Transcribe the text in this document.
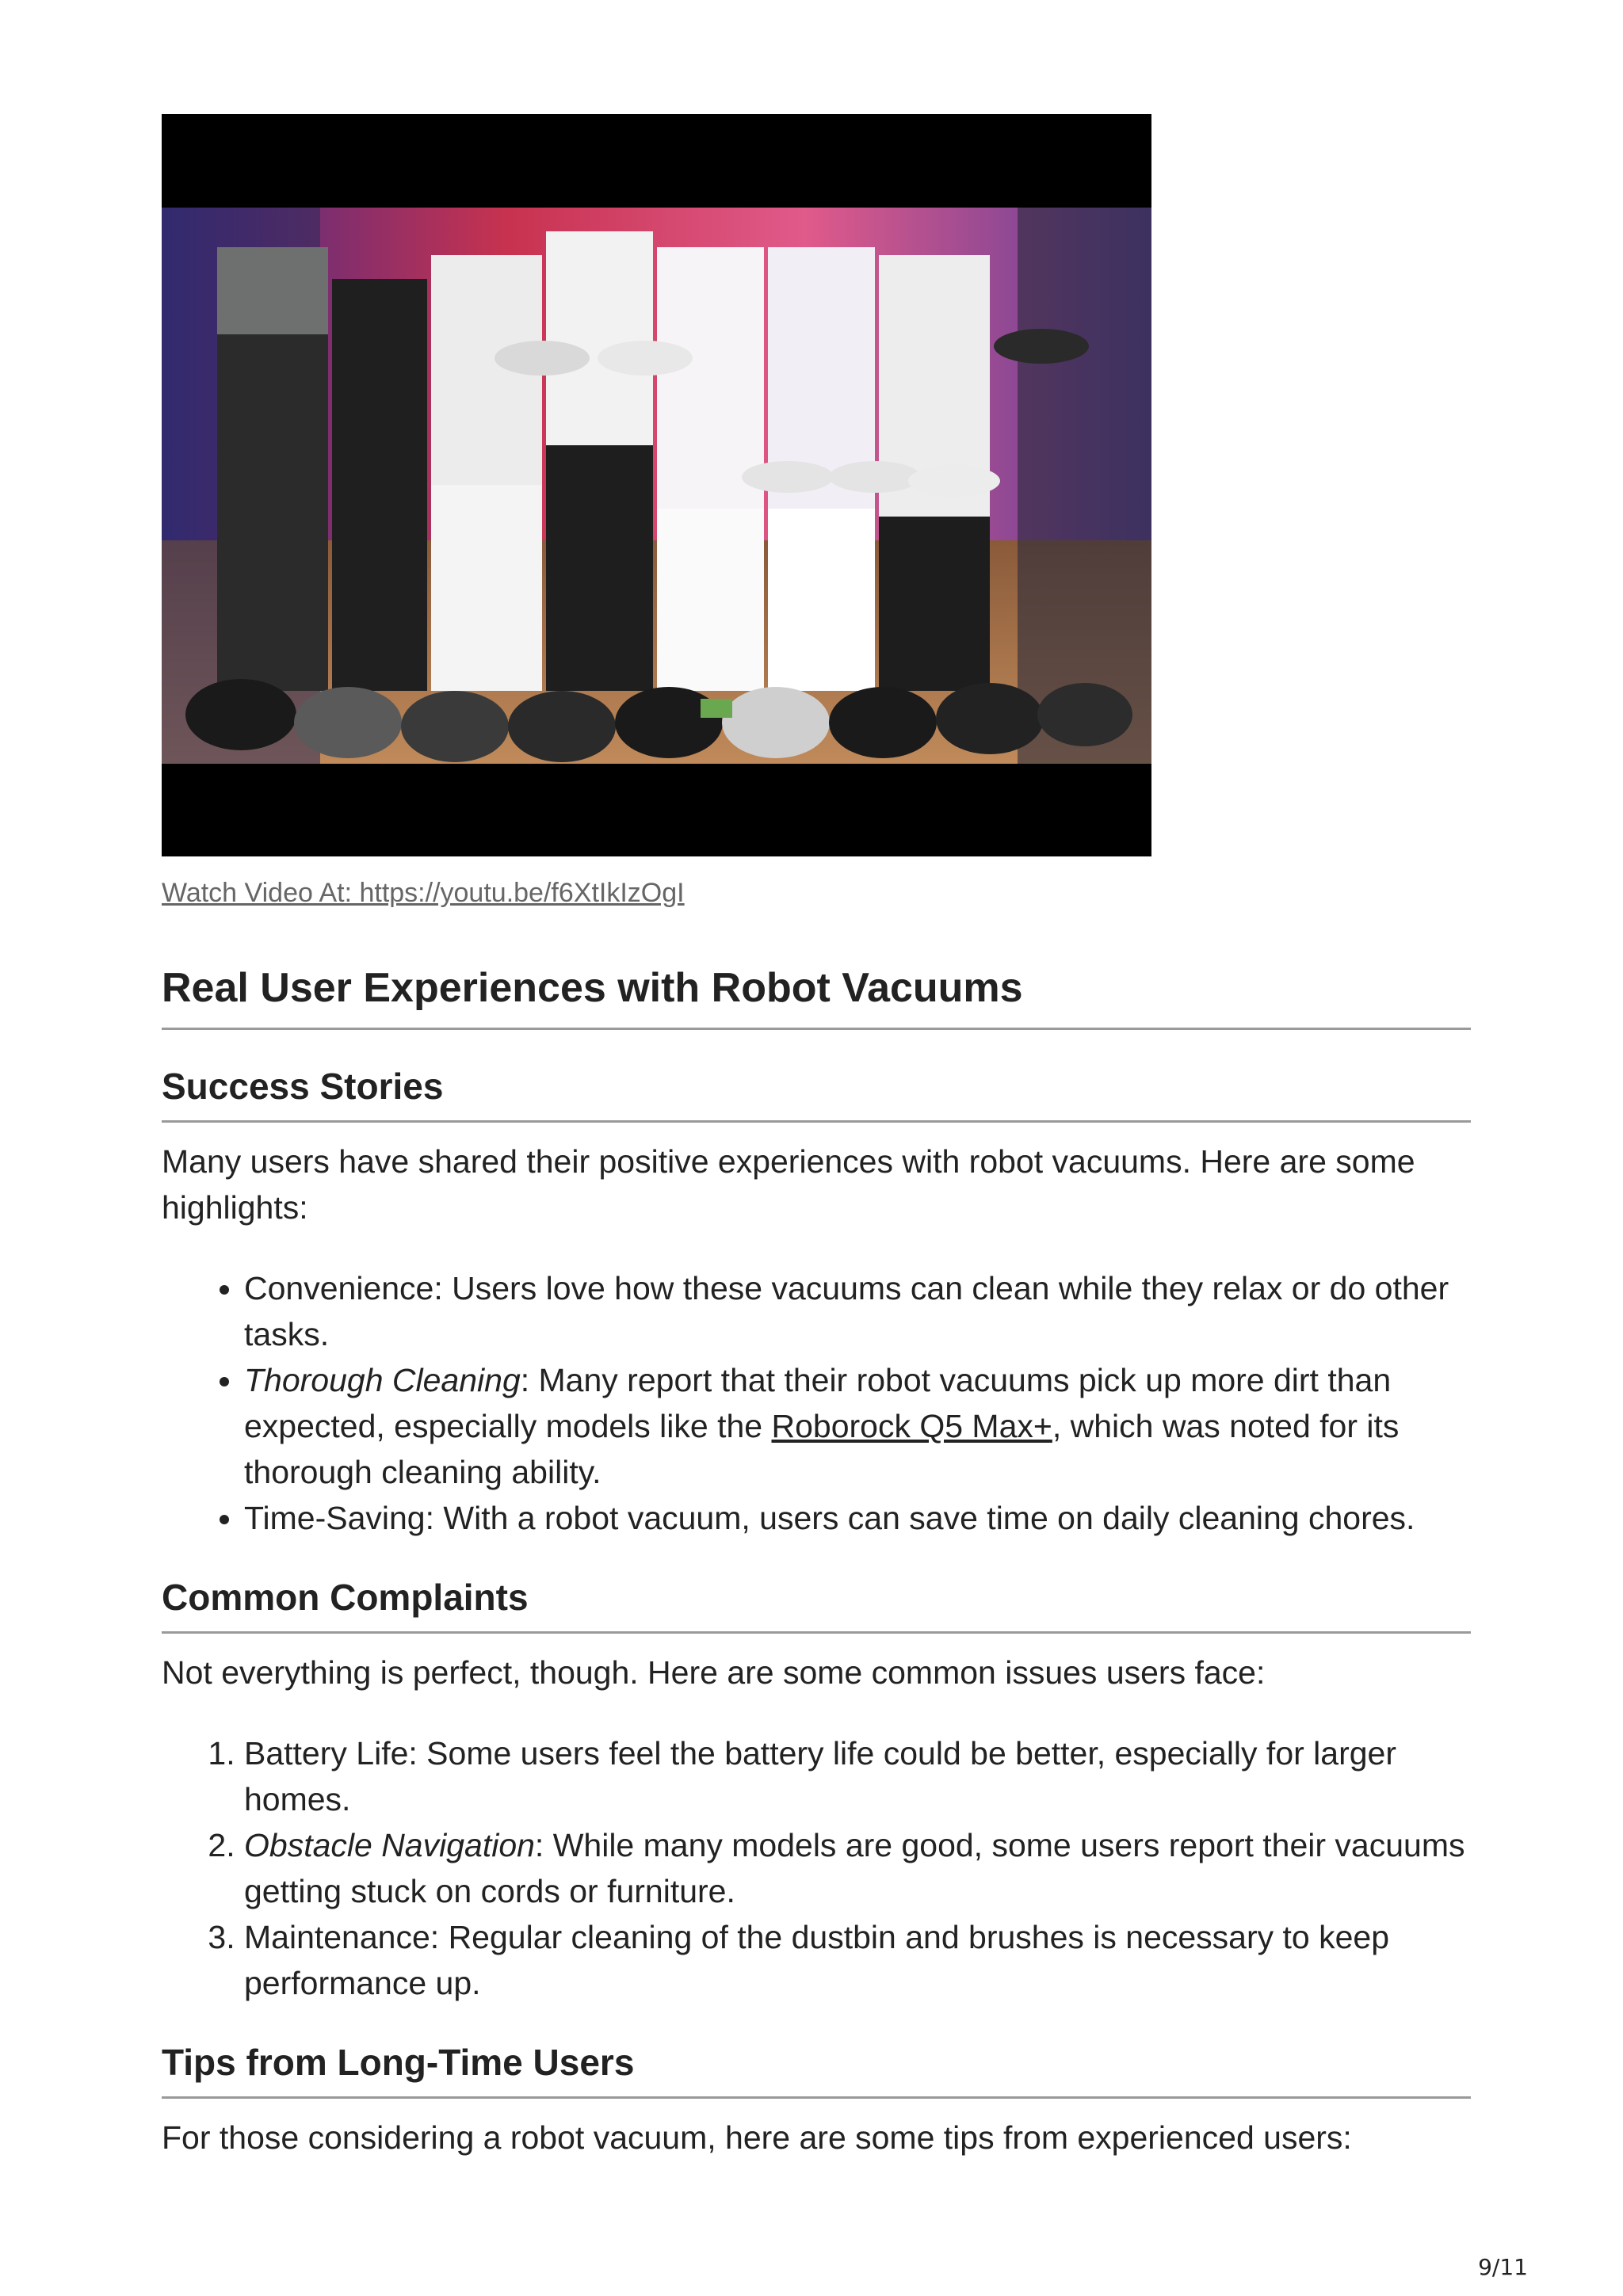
Watch Video At: https://youtu.be/f6XtIkIzOgI
Real User Experiences with Robot Vacuums
Success Stories

Many users have shared their positive experiences with robot vacuums. Here are some highlights:

• Convenience: Users love how these vacuums can clean while they relax or do other tasks.
• Thorough Cleaning: Many report that their robot vacuums pick up more dirt than expected, especially models like the Roborock Q5 Max+, which was noted for its thorough cleaning ability.
• Time-Saving: With a robot vacuum, users can save time on daily cleaning chores.
Common Complaints

Not everything is perfect, though. Here are some common issues users face:

1. Battery Life: Some users feel the battery life could be better, especially for larger homes.
2. Obstacle Navigation: While many models are good, some users report their vacuums getting stuck on cords or furniture.
3. Maintenance: Regular cleaning of the dustbin and brushes is necessary to keep performance up.
Tips from Long-Time Users

For those considering a robot vacuum, here are some tips from experienced users:

9/11
